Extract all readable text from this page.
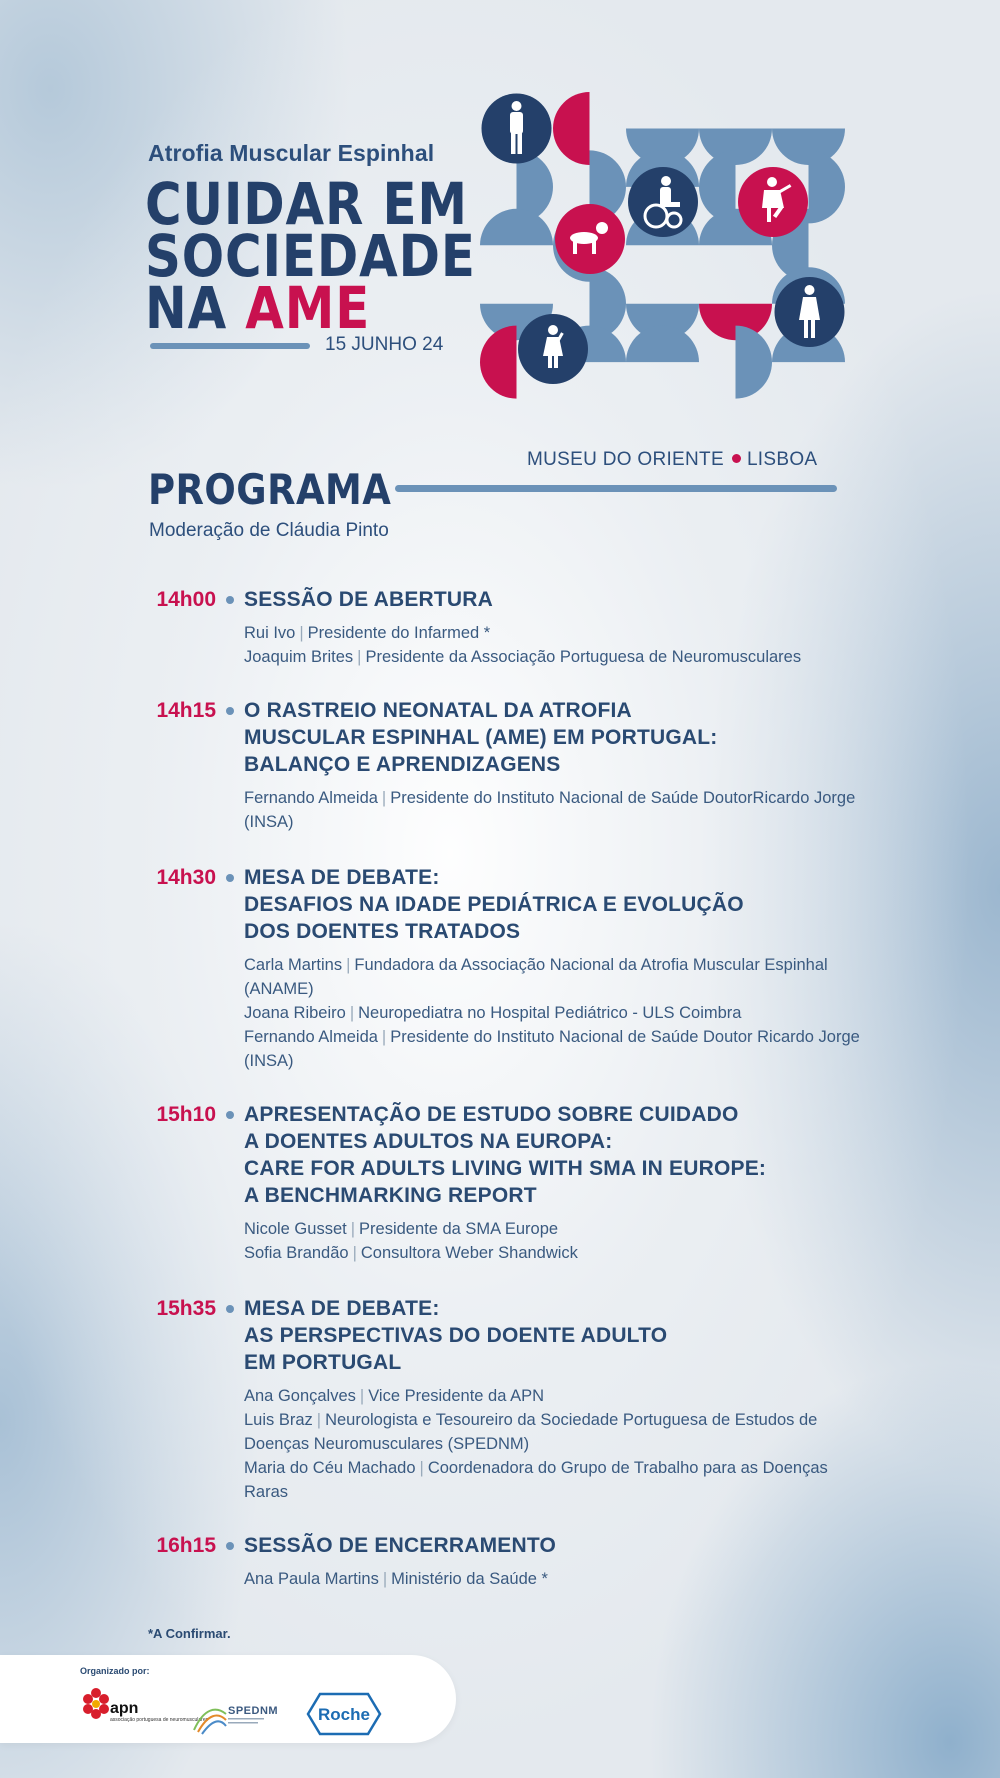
Atrofia Muscular Espinhal
CUIDAR EM
SOCIEDADE
NA AME
15 JUNHO 24
MUSEU DO ORIENTE LISBOA
PROGRAMA
Moderação de Cláudia Pinto
14h00 SESSÃO DE ABERTURA
Rui Ivo | Presidente do Infarmed *
Joaquim Brites | Presidente da Associação Portuguesa de Neuromusculares
14h15 O RASTREIO NEONATAL DA ATROFIA
MUSCULAR ESPINHAL (AME) EM PORTUGAL:
BALANÇO E APRENDIZAGENS
Fernando Almeida | Presidente do Instituto Nacional de Saúde DoutorRicardo Jorge (INSA)
14h30 MESA DE DEBATE:
DESAFIOS NA IDADE PEDIÁTRICA E EVOLUÇÃO
DOS DOENTES TRATADOS
Carla Martins | Fundadora da Associação Nacional da Atrofia Muscular Espinhal (ANAME)
Joana Ribeiro | Neuropediatra no Hospital Pediátrico - ULS Coimbra
Fernando Almeida | Presidente do Instituto Nacional de Saúde Doutor Ricardo Jorge (INSA)
15h10 APRESENTAÇÃO DE ESTUDO SOBRE CUIDADO
A DOENTES ADULTOS NA EUROPA:
CARE FOR ADULTS LIVING WITH SMA IN EUROPE:
A BENCHMARKING REPORT
Nicole Gusset | Presidente da SMA Europe
Sofia Brandão | Consultora Weber Shandwick
15h35 MESA DE DEBATE:
AS PERSPECTIVAS DO DOENTE ADULTO
EM PORTUGAL
Ana Gonçalves | Vice Presidente da APN
Luis Braz | Neurologista e Tesoureiro da Sociedade Portuguesa de Estudos de Doenças Neuromusculares (SPEDNM)
Maria do Céu Machado | Coordenadora do Grupo de Trabalho para as Doenças Raras
16h15 SESSÃO DE ENCERRAMENTO
Ana Paula Martins | Ministério da Saúde *
*A Confirmar.
Organizado por:
apn
associação portuguesa de neuromusculares
SPEDNM Roche
